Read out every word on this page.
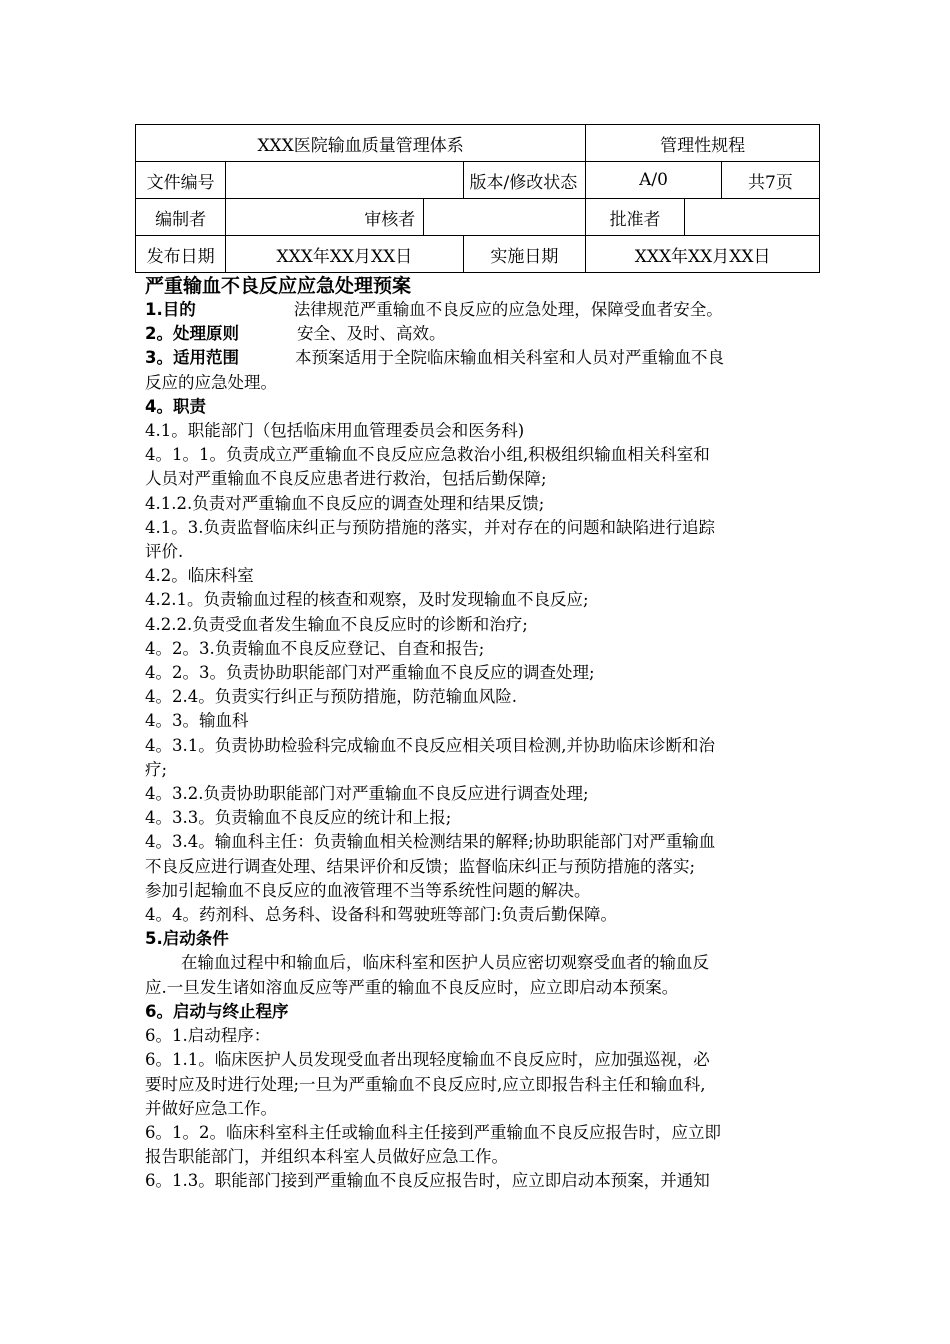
XXX医院输血质量管理体系				管理性规程		
文件编号			版本/修改状态	A/0		共7页
编制者	审核者			批准者		
发布日期	XXX年XX月XX日		实施日期	XXX年XX月XX日		
严重输血不良反应应急处理预案
1.目的	法律规范严重输血不良反应的应急处理，保障受血者安全。
2。处理原则	安全、及时、高效。
3。适用范围	本预案适用于全院临床输血相关科室和人员对严重输血不良
反应的应急处理。
4。职责
4.1。职能部门（包括临床用血管理委员会和医务科)
4。1。1。负责成立严重输血不良反应应急救治小组,积极组织输血相关科室和
人员对严重输血不良反应患者进行救治，包括后勤保障;
4.1.2.负责对严重输血不良反应的调查处理和结果反馈;
4.1。3.负责监督临床纠正与预防措施的落实，并对存在的问题和缺陷进行追踪
评价.
4.2。临床科室
4.2.1。负责输血过程的核查和观察，及时发现输血不良反应;
4.2.2.负责受血者发生输血不良反应时的诊断和治疗;
4。2。3.负责输血不良反应登记、自查和报告;
4。2。3。负责协助职能部门对严重输血不良反应的调查处理;
4。2.4。负责实行纠正与预防措施，防范输血风险.
4。3。输血科
4。3.1。负责协助检验科完成输血不良反应相关项目检测,并协助临床诊断和治
疗;
4。3.2.负责协助职能部门对严重输血不良反应进行调查处理;
4。3.3。负责输血不良反应的统计和上报;
4。3.4。输血科主任：负责输血相关检测结果的解释;协助职能部门对严重输血
不良反应进行调查处理、结果评价和反馈；监督临床纠正与预防措施的落实;
参加引起输血不良反应的血液管理不当等系统性问题的解决。
4。4。药剂科、总务科、设备科和驾驶班等部门:负责后勤保障。
5.启动条件
在输血过程中和输血后，临床科室和医护人员应密切观察受血者的输血反
应.一旦发生诸如溶血反应等严重的输血不良反应时，应立即启动本预案。
6。启动与终止程序
6。1.启动程序：
6。1.1。临床医护人员发现受血者出现轻度输血不良反应时，应加强巡视，必
要时应及时进行处理;一旦为严重输血不良反应时,应立即报告科主任和输血科,
并做好应急工作。
6。1。2。临床科室科主任或输血科主任接到严重输血不良反应报告时，应立即
报告职能部门，并组织本科室人员做好应急工作。
6。1.3。职能部门接到严重输血不良反应报告时，应立即启动本预案，并通知
